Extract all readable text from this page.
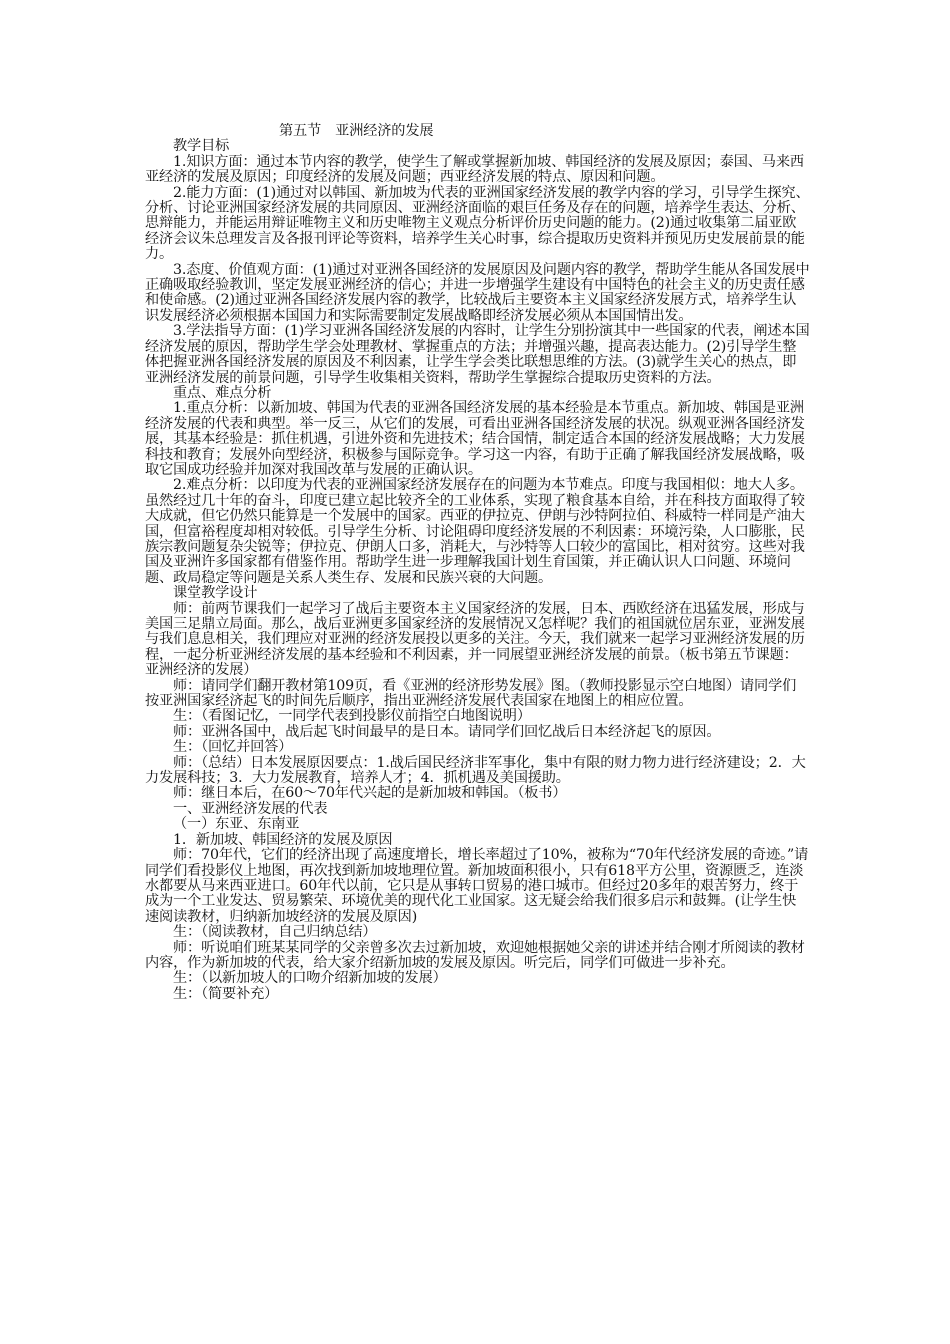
第五节　亚洲经济的发展

教学目标

1.知识方面：通过本节内容的教学，使学生了解或掌握新加坡、韩国经济的发展及原因；泰国、马来西亚经济的发展及原因；印度经济的发展及问题；西亚经济发展的特点、原因和问题。

2.能力方面：(1)通过对以韩国、新加坡为代表的亚洲国家经济发展的教学内容的学习，引导学生探究、分析、讨论亚洲国家经济发展的共同原因、亚洲经济面临的艰巨任务及存在的问题，培养学生表达、分析、思辩能力，并能运用辩证唯物主义和历史唯物主义观点分析评价历史问题的能力。(2)通过收集第二届亚欧经济会议朱总理发言及各报刊评论等资料，培养学生关心时事，综合提取历史资料并预见历史发展前景的能力。

3.态度、价值观方面：(1)通过对亚洲各国经济的发展原因及问题内容的教学，帮助学生能从各国发展中正确吸取经验教训，坚定发展亚洲经济的信心；并进一步增强学生建设有中国特色的社会主义的历史责任感和使命感。(2)通过亚洲各国经济发展内容的教学，比较战后主要资本主义国家经济发展方式，培养学生认识发展经济必须根据本国国力和实际需要制定发展战略即经济发展必须从本国国情出发。

3.学法指导方面：(1)学习亚洲各国经济发展的内容时，让学生分别扮演其中一些国家的代表，阐述本国经济发展的原因，帮助学生学会处理教材、掌握重点的方法；并增强兴趣，提高表达能力。(2)引导学生整体把握亚洲各国经济发展的原因及不利因素，让学生学会类比联想思维的方法。(3)就学生关心的热点，即亚洲经济发展的前景问题，引导学生收集相关资料，帮助学生掌握综合提取历史资料的方法。

重点、难点分析

1.重点分析：以新加坡、韩国为代表的亚洲各国经济发展的基本经验是本节重点。新加坡、韩国是亚洲经济发展的代表和典型。举一反三，从它们的发展，可看出亚洲各国经济发展的状况。纵观亚洲各国经济发展，其基本经验是：抓住机遇，引进外资和先进技术；结合国情，制定适合本国的经济发展战略；大力发展科技和教育；发展外向型经济，积极参与国际竞争。学习这一内容，有助于正确了解我国经济发展战略，吸取它国成功经验并加深对我国改革与发展的正确认识。

2.难点分析：以印度为代表的亚洲国家经济发展存在的问题为本节难点。印度与我国相似：地大人多。虽然经过几十年的奋斗，印度已建立起比较齐全的工业体系，实现了粮食基本自给，并在科技方面取得了较大成就，但它仍然只能算是一个发展中的国家。西亚的伊拉克、伊朗与沙特阿拉伯、科威特一样同是产油大国，但富裕程度却相对较低。引导学生分析、讨论阻碍印度经济发展的不利因素：环境污染，人口膨胀，民族宗教问题复杂尖锐等；伊拉克、伊朗人口多，消耗大，与沙特等人口较少的富国比，相对贫穷。这些对我国及亚洲许多国家都有借鉴作用。帮助学生进一步理解我国计划生育国策，并正确认识人口问题、环境问题、政局稳定等问题是关系人类生存、发展和民族兴衰的大问题。

课堂教学设计

师：前两节课我们一起学习了战后主要资本主义国家经济的发展，日本、西欧经济在迅猛发展，形成与美国三足鼎立局面。那么，战后亚洲更多国家经济的发展情况又怎样呢？我们的祖国就位居东亚，亚洲发展与我们息息相关，我们理应对亚洲的经济发展投以更多的关注。今天，我们就来一起学习亚洲经济发展的历程，一起分析亚洲经济发展的基本经验和不利因素，并一同展望亚洲经济发展的前景。（板书第五节课题：亚洲经济的发展）

师：请同学们翻开教材第109页，看《亚洲的经济形势发展》图。（教师投影显示空白地图）请同学们按亚洲国家经济起飞的时间先后顺序，指出亚洲经济发展代表国家在地图上的相应位置。

生：（看图记忆，一同学代表到投影仪前指空白地图说明）

师：亚洲各国中，战后起飞时间最早的是日本。请同学们回忆战后日本经济起飞的原因。

生：（回忆并回答）

师：（总结）日本发展原因要点：1.战后国民经济非军事化，集中有限的财力物力进行经济建设；2．大力发展科技；3．大力发展教育，培养人才；4．抓机遇及美国援助。

师：继日本后，在60～70年代兴起的是新加坡和韩国。（板书）

一、亚洲经济发展的代表

（一）东亚、东南亚

1．新加坡、韩国经济的发展及原因

师：70年代，它们的经济出现了高速度增长，增长率超过了10%，被称为“70年代经济发展的奇迹。”请同学们看投影仪上地图，再次找到新加坡地理位置。新加坡面积很小，只有618平方公里，资源匮乏，连淡水都要从马来西亚进口。60年代以前，它只是从事转口贸易的港口城市。但经过20多年的艰苦努力，终于成为一个工业发达、贸易繁荣、环境优美的现代化工业国家。这无疑会给我们很多启示和鼓舞。(让学生快速阅读教材，归纳新加坡经济的发展及原因)

生：（阅读教材，自己归纳总结）

师：听说咱们班某某同学的父亲曾多次去过新加坡，欢迎她根据她父亲的讲述并结合刚才所阅读的教材内容，作为新加坡的代表，给大家介绍新加坡的发展及原因。听完后，同学们可做进一步补充。

生：（以新加坡人的口吻介绍新加坡的发展）

生：（简要补充）
